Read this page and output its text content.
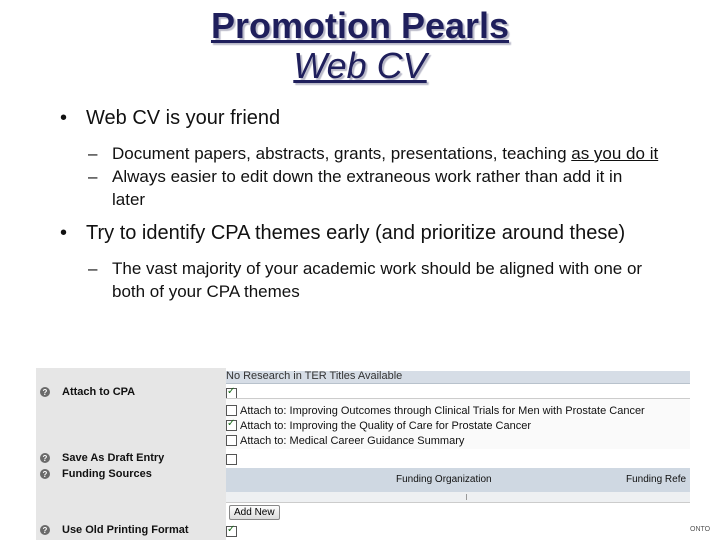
Promotion Pearls
Web CV
• Web CV is your friend
– Document papers, abstracts, grants, presentations, teaching as you do it
– Always easier to edit down the extraneous work rather than add it in later
• Try to identify CPA themes early (and prioritize around these)
– The vast majority of your academic work should be aligned with one or both of your CPA themes
? Attach to CPA
? Save As Draft Entry
? Funding Sources
? Use Old Printing Format
No Research in TER Titles Available
✓
Attach to: Improving Outcomes through Clinical Trials for Men with Prostate Cancer
✓
Attach to: Improving the Quality of Care for Prostate Cancer
Attach to: Medical Career Guidance Summary
Funding Organization	Funding Refe
Add New
✓
ONTO
